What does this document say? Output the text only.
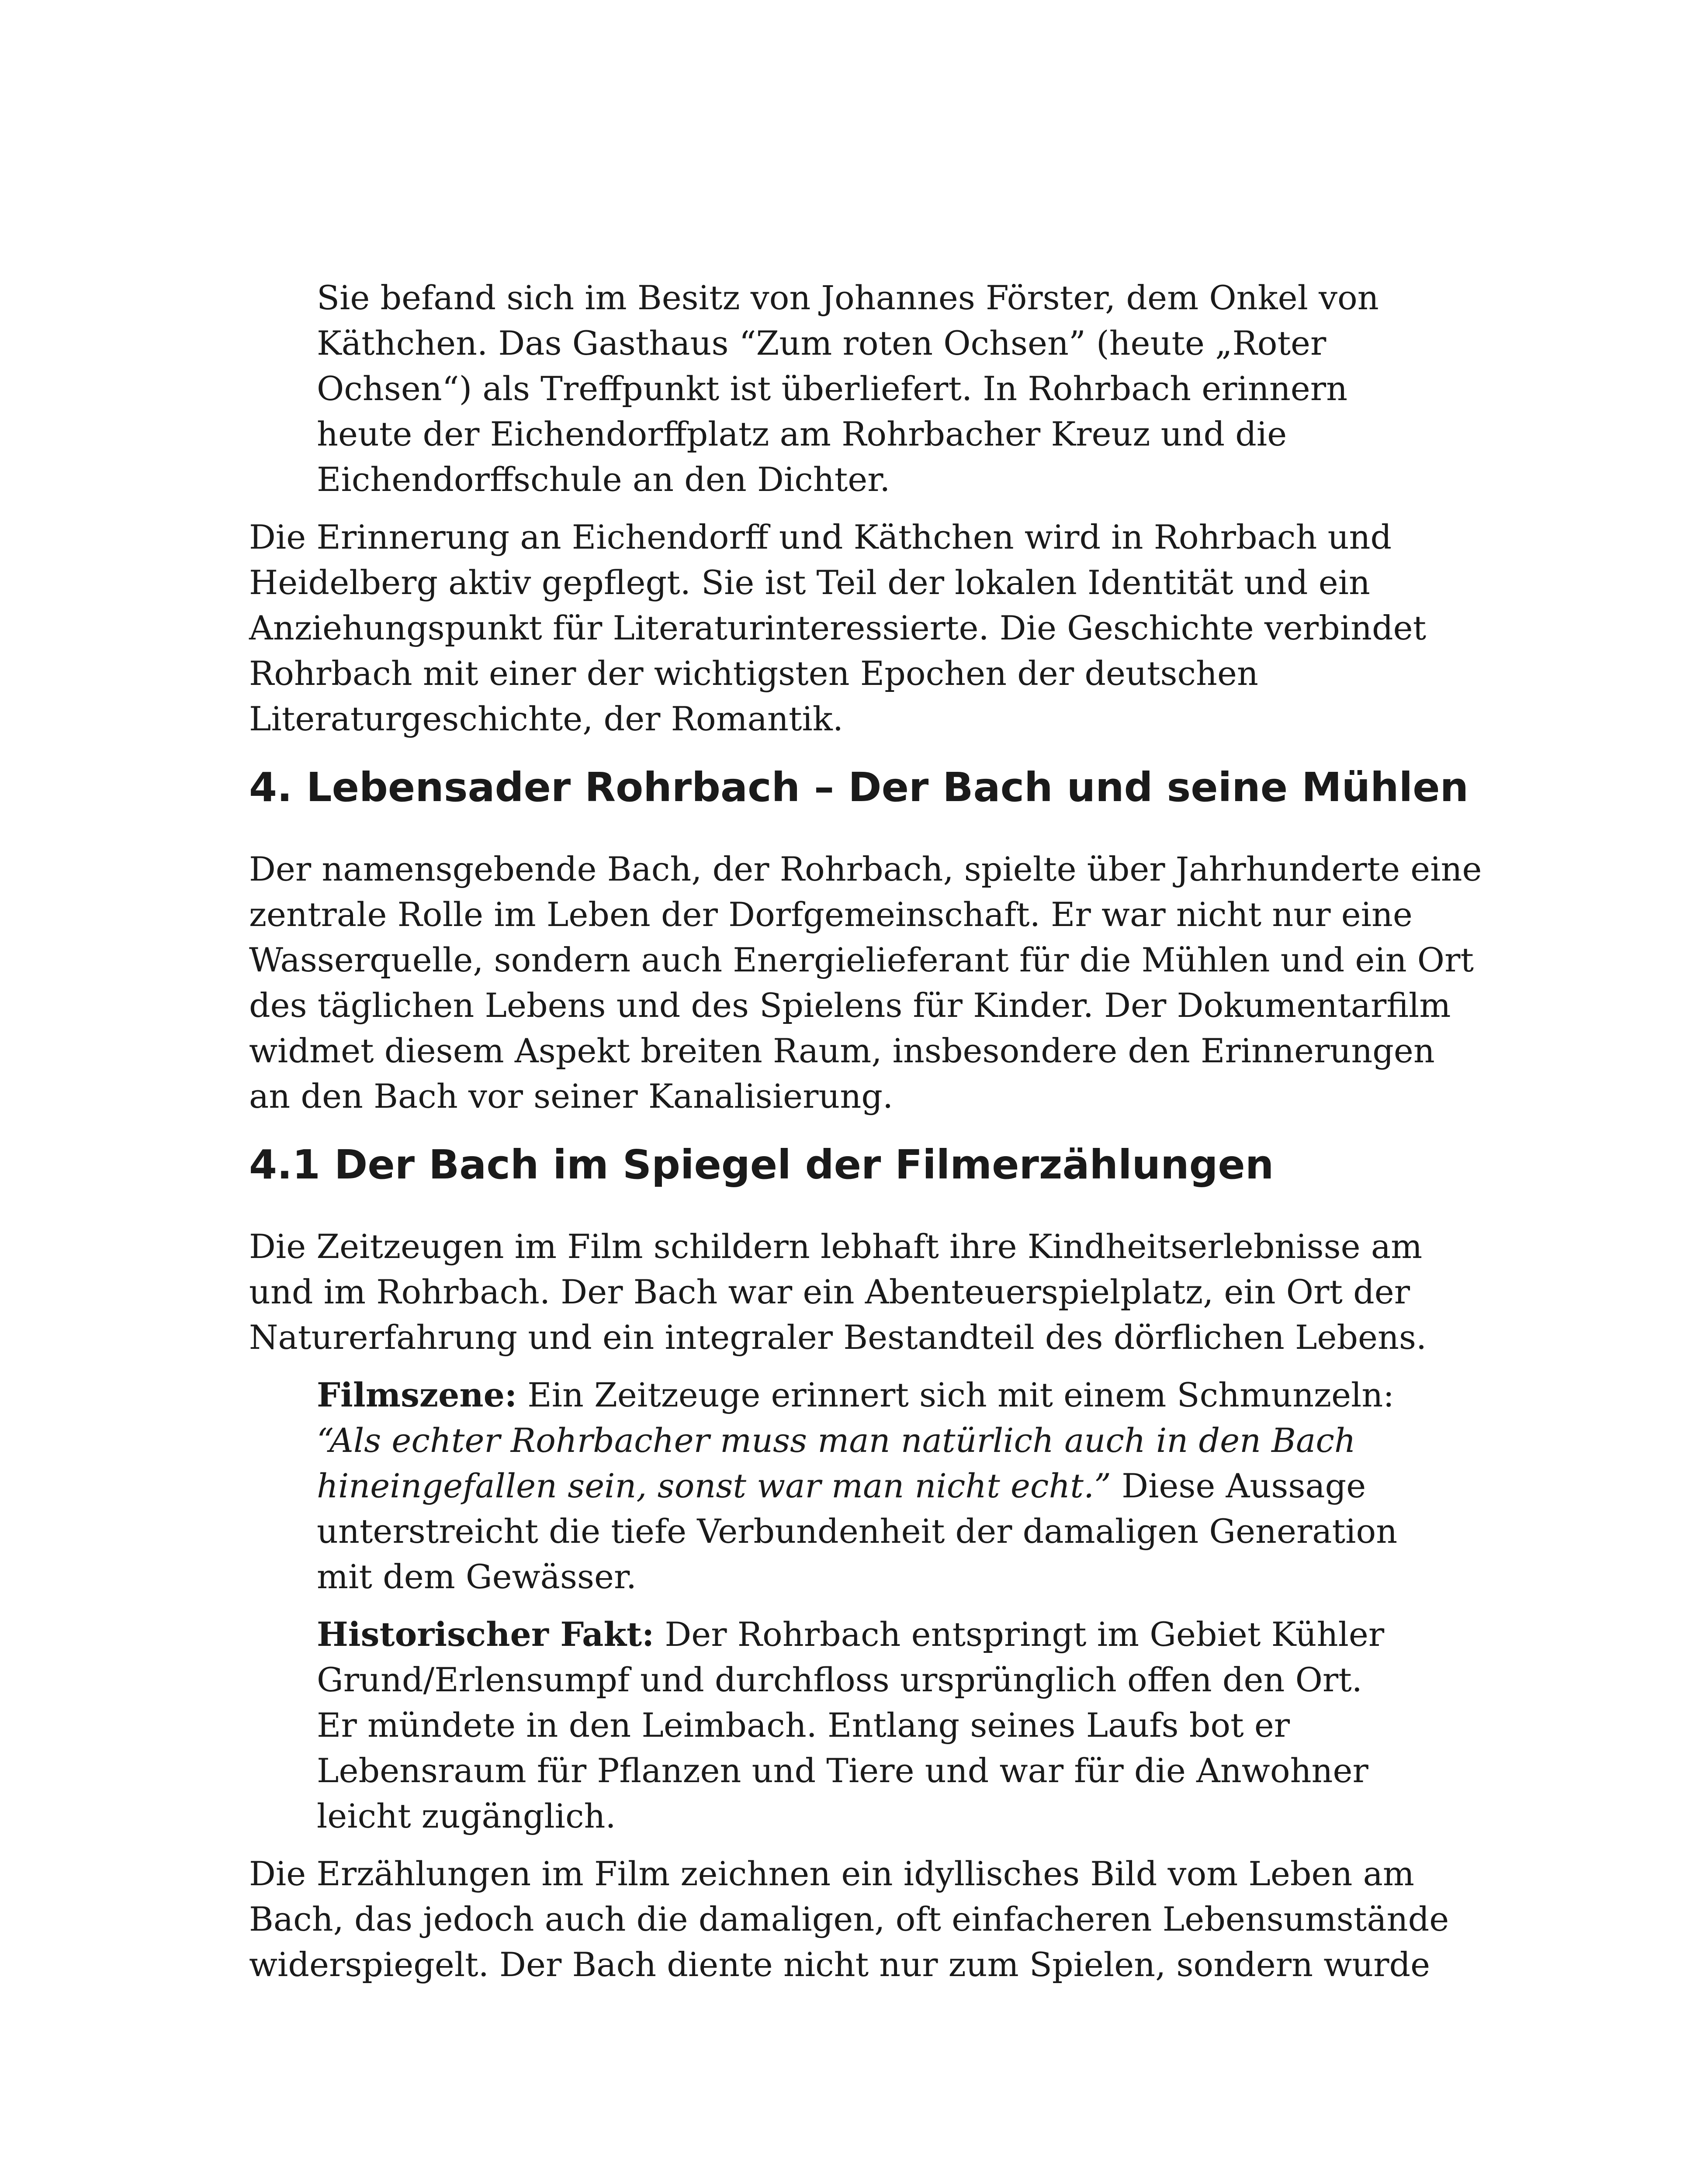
Sie befand sich im Besitz von Johannes Förster, dem Onkel von
Käthchen. Das Gasthaus “Zum roten Ochsen” (heute „Roter
Ochsen“) als Treffpunkt ist überliefert. In Rohrbach erinnern
heute der Eichendorffplatz am Rohrbacher Kreuz und die
Eichendorffschule an den Dichter.

Die Erinnerung an Eichendorff und Käthchen wird in Rohrbach und
Heidelberg aktiv gepflegt. Sie ist Teil der lokalen Identität und ein
Anziehungspunkt für Literaturinteressierte. Die Geschichte verbindet
Rohrbach mit einer der wichtigsten Epochen der deutschen
Literaturgeschichte, der Romantik.

4. Lebensader Rohrbach – Der Bach und seine Mühlen

Der namensgebende Bach, der Rohrbach, spielte über Jahrhunderte eine
zentrale Rolle im Leben der Dorfgemeinschaft. Er war nicht nur eine
Wasserquelle, sondern auch Energielieferant für die Mühlen und ein Ort
des täglichen Lebens und des Spielens für Kinder. Der Dokumentarfilm
widmet diesem Aspekt breiten Raum, insbesondere den Erinnerungen
an den Bach vor seiner Kanalisierung.

4.1 Der Bach im Spiegel der Filmerzählungen

Die Zeitzeugen im Film schildern lebhaft ihre Kindheitserlebnisse am
und im Rohrbach. Der Bach war ein Abenteuerspielplatz, ein Ort der
Naturerfahrung und ein integraler Bestandteil des dörflichen Lebens.

Filmszene: Ein Zeitzeuge erinnert sich mit einem Schmunzeln:
“Als echter Rohrbacher muss man natürlich auch in den Bach
hineingefallen sein, sonst war man nicht echt.” Diese Aussage
unterstreicht die tiefe Verbundenheit der damaligen Generation
mit dem Gewässer.

Historischer Fakt: Der Rohrbach entspringt im Gebiet Kühler
Grund/Erlensumpf und durchfloss ursprünglich offen den Ort.
Er mündete in den Leimbach. Entlang seines Laufs bot er
Lebensraum für Pflanzen und Tiere und war für die Anwohner
leicht zugänglich.

Die Erzählungen im Film zeichnen ein idyllisches Bild vom Leben am
Bach, das jedoch auch die damaligen, oft einfacheren Lebensumstände
widerspiegelt. Der Bach diente nicht nur zum Spielen, sondern wurde
